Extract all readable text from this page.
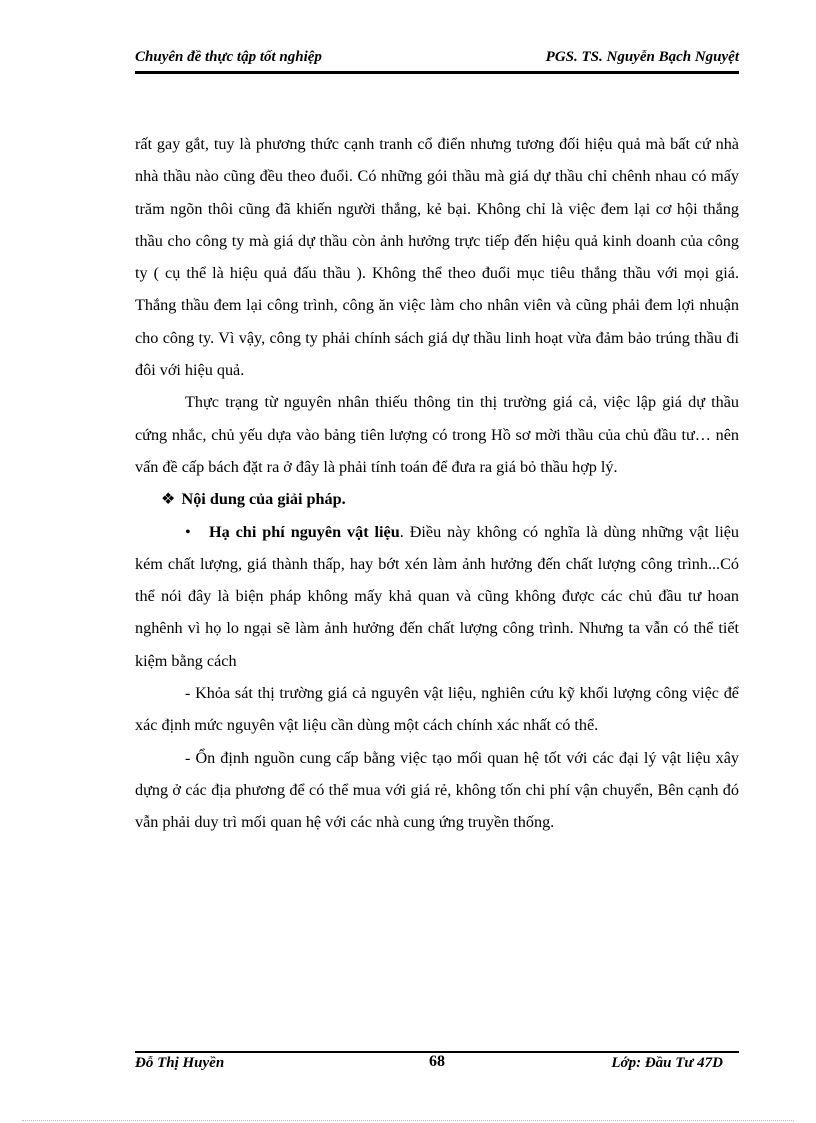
Chuyên đề thực tập tốt nghiệp	PGS. TS. Nguyễn Bạch Nguyệt

rất gay gắt, tuy là phương thức cạnh tranh cổ điển nhưng tương đối hiệu quả mà bất cứ nhà nhà thầu nào cũng đều theo đuổi. Có những gói thầu mà giá dự thầu chỉ chênh nhau có mấy trăm ngõn thôi cũng đã khiến người thắng, kẻ bại. Không chỉ là việc đem lại cơ hội thắng thầu cho công ty mà giá dự thầu còn ảnh hưởng trực tiếp đến hiệu quả kinh doanh của công ty ( cụ thể là hiệu quả đấu thầu ). Không thể theo đuổi mục tiêu thắng thầu với mọi giá. Thắng thầu đem lại công trình, công ăn việc làm cho nhân viên và cũng phải đem lợi nhuận cho công ty. Vì vậy, công ty phải chính sách giá dự thầu linh hoạt vừa đảm bảo trúng thầu đi đôi với hiệu quả.

Thực trạng từ nguyên nhân thiếu thông tin thị trường giá cả, việc lập giá dự thầu cứng nhắc, chủ yếu dựa vào bảng tiên lượng có trong Hồ sơ mời thầu của chủ đầu tư… nên vấn đề cấp bách đặt ra ở đây là phải tính toán để đưa ra giá bỏ thầu hợp lý.

❖ Nội dung của giải pháp.

• Hạ chi phí nguyên vật liệu. Điều này không có nghĩa là dùng những vật liệu kém chất lượng, giá thành thấp, hay bớt xén làm ảnh hưởng đến chất lượng công trình...Có thể nói đây là biện pháp không mấy khả quan và cũng không được các chủ đầu tư hoan nghênh vì họ lo ngại sẽ làm ảnh hưởng đến chất lượng công trình. Nhưng ta vẫn có thể tiết kiệm bằng cách

- Khỏa sát thị trường giá cả nguyên vật liệu, nghiên cứu kỹ khối lượng công việc để xác định mức nguyên vật liệu cần dùng một cách chính xác nhất có thể.

- Ổn định nguồn cung cấp bằng việc tạo mối quan hệ tốt với các đại lý vật liệu xây dựng ở các địa phương để có thể mua với giá rẻ, không tốn chi phí vận chuyển, Bên cạnh đó vẫn phải duy trì mối quan hệ với các nhà cung ứng truyền thống.

Đỗ Thị Huyền	68	Lớp: Đầu Tư 47D
